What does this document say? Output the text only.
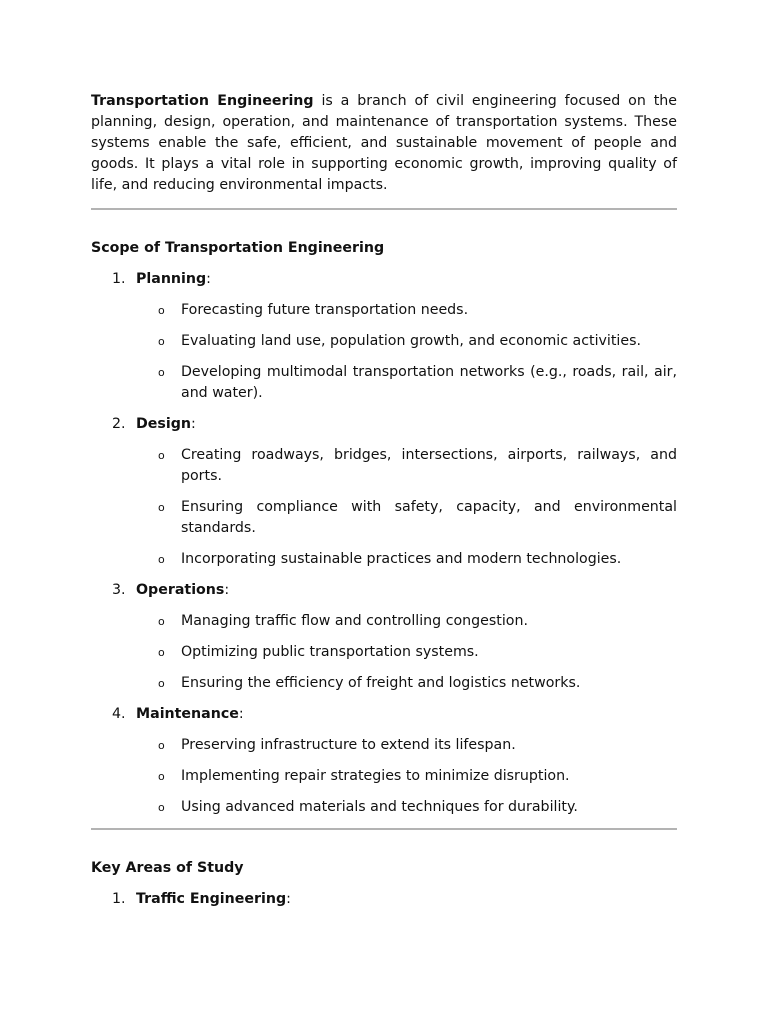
Transportation Engineering is a branch of civil engineering focused on the planning, design, operation, and maintenance of transportation systems. These systems enable the safe, efficient, and sustainable movement of people and goods. It plays a vital role in supporting economic growth, improving quality of life, and reducing environmental impacts.

Scope of Transportation Engineering
1. Planning:
o Forecasting future transportation needs.
o Evaluating land use, population growth, and economic activities.
o Developing multimodal transportation networks (e.g., roads, rail, air, and water).
2. Design:
o Creating roadways, bridges, intersections, airports, railways, and ports.
o Ensuring compliance with safety, capacity, and environmental standards.
o Incorporating sustainable practices and modern technologies.
3. Operations:
o Managing traffic flow and controlling congestion.
o Optimizing public transportation systems.
o Ensuring the efficiency of freight and logistics networks.
4. Maintenance:
o Preserving infrastructure to extend its lifespan.
o Implementing repair strategies to minimize disruption.
o Using advanced materials and techniques for durability.
Key Areas of Study
1. Traffic Engineering:
